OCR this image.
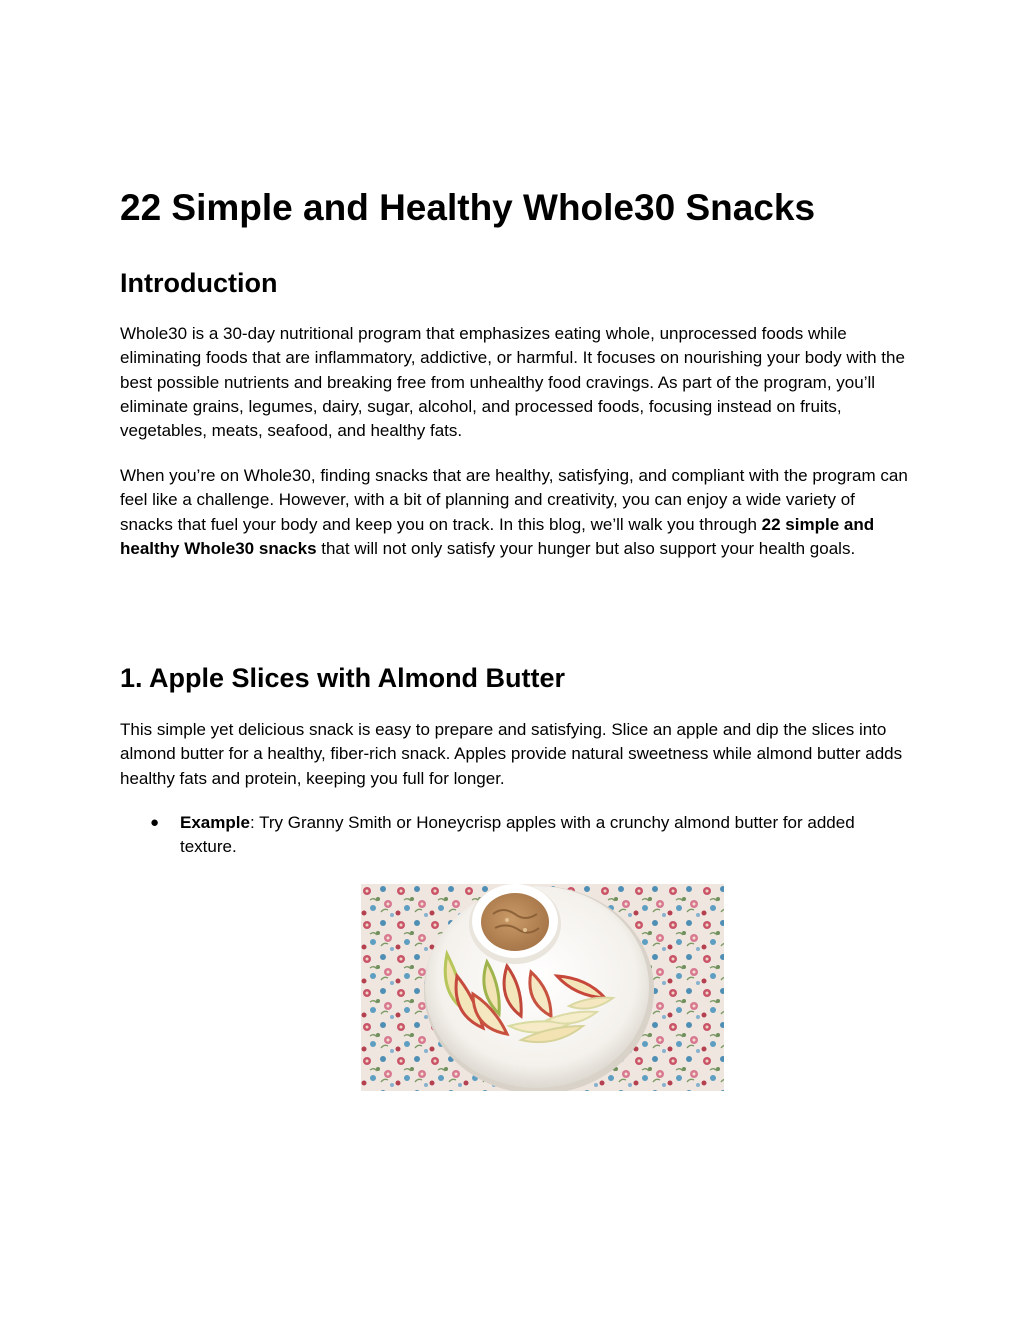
22 Simple and Healthy Whole30 Snacks
Introduction

Whole30 is a 30-day nutritional program that emphasizes eating whole, unprocessed foods while eliminating foods that are inflammatory, addictive, or harmful. It focuses on nourishing your body with the best possible nutrients and breaking free from unhealthy food cravings. As part of the program, you’ll eliminate grains, legumes, dairy, sugar, alcohol, and processed foods, focusing instead on fruits, vegetables, meats, seafood, and healthy fats.

When you’re on Whole30, finding snacks that are healthy, satisfying, and compliant with the program can feel like a challenge. However, with a bit of planning and creativity, you can enjoy a wide variety of snacks that fuel your body and keep you on track. In this blog, we’ll walk you through 22 simple and healthy Whole30 snacks that will not only satisfy your hunger but also support your health goals.

1. Apple Slices with Almond Butter

This simple yet delicious snack is easy to prepare and satisfying. Slice an apple and dip the slices into almond butter for a healthy, fiber-rich snack. Apples provide natural sweetness while almond butter adds healthy fats and protein, keeping you full for longer.

● Example: Try Granny Smith or Honeycrisp apples with a crunchy almond butter for added texture.
